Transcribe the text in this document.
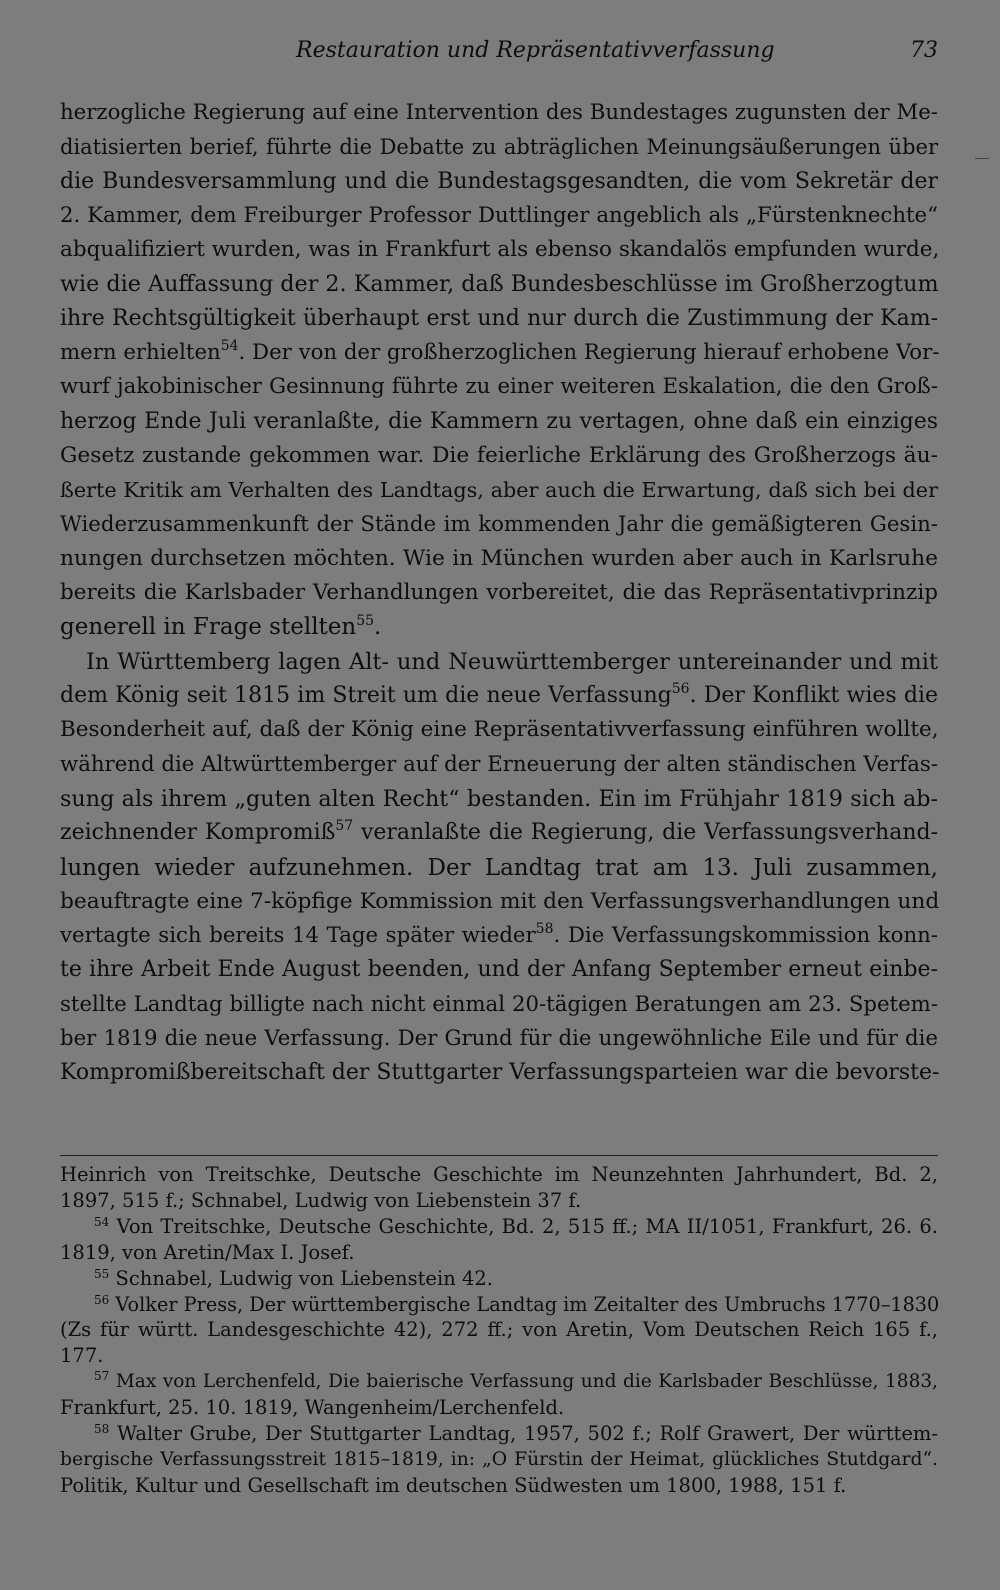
Restauration und Repräsentativverfassung	73
herzogliche Regierung auf eine Intervention des Bundestages zugunsten der Me-
diatisierten berief, führte die Debatte zu abträglichen Meinungsäußerungen über
die Bundesversammlung und die Bundestagsgesandten, die vom Sekretär der
2. Kammer, dem Freiburger Professor Duttlinger angeblich als „Fürstenknechte“
abqualifiziert wurden, was in Frankfurt als ebenso skandalös empfunden wurde,
wie die Auffassung der 2. Kammer, daß Bundesbeschlüsse im Großherzogtum
ihre Rechtsgültigkeit überhaupt erst und nur durch die Zustimmung der Kam-
mern erhielten$^{54}$. Der von der großherzoglichen Regierung hierauf erhobene Vor-
wurf jakobinischer Gesinnung führte zu einer weiteren Eskalation, die den Groß-
herzog Ende Juli veranlaßte, die Kammern zu vertagen, ohne daß ein einziges
Gesetz zustande gekommen war. Die feierliche Erklärung des Großherzogs äu-
ßerte Kritik am Verhalten des Landtags, aber auch die Erwartung, daß sich bei der
Wiederzusammenkunft der Stände im kommenden Jahr die gemäßigteren Gesin-
nungen durchsetzen möchten. Wie in München wurden aber auch in Karlsruhe
bereits die Karlsbader Verhandlungen vorbereitet, die das Repräsentativprinzip
generell in Frage stellten$^{55}$.
In Württemberg lagen Alt- und Neuwürttemberger untereinander und mit
dem König seit 1815 im Streit um die neue Verfassung$^{56}$. Der Konflikt wies die
Besonderheit auf, daß der König eine Repräsentativverfassung einführen wollte,
während die Altwürttemberger auf der Erneuerung der alten ständischen Verfas-
sung als ihrem „guten alten Recht“ bestanden. Ein im Frühjahr 1819 sich ab-
zeichnender Kompromiß$^{57}$ veranlaßte die Regierung, die Verfassungsverhand-
lungen wieder aufzunehmen. Der Landtag trat am 13. Juli zusammen,
beauftragte eine 7-köpfige Kommission mit den Verfassungsverhandlungen und
vertagte sich bereits 14 Tage später wieder$^{58}$. Die Verfassungskommission konn-
te ihre Arbeit Ende August beenden, und der Anfang September erneut einbe-
stellte Landtag billigte nach nicht einmal 20-tägigen Beratungen am 23. Spetem-
ber 1819 die neue Verfassung. Der Grund für die ungewöhnliche Eile und für die
Kompromißbereitschaft der Stuttgarter Verfassungsparteien war die bevorste-
Heinrich von Treitschke, Deutsche Geschichte im Neunzehnten Jahrhundert, Bd. 2,
1897, 515 f.; Schnabel, Ludwig von Liebenstein 37 f.
$^{54}$ Von Treitschke, Deutsche Geschichte, Bd. 2, 515 ff.; MA II/1051, Frankfurt, 26. 6.
1819, von Aretin/Max I. Josef.
$^{55}$ Schnabel, Ludwig von Liebenstein 42.
$^{56}$ Volker Press, Der württembergische Landtag im Zeitalter des Umbruchs 1770–1830
(Zs für württ. Landesgeschichte 42), 272 ff.; von Aretin, Vom Deutschen Reich 165 f.,
177.
$^{57}$ Max von Lerchenfeld, Die baierische Verfassung und die Karlsbader Beschlüsse, 1883,
Frankfurt, 25. 10. 1819, Wangenheim/Lerchenfeld.
$^{58}$ Walter Grube, Der Stuttgarter Landtag, 1957, 502 f.; Rolf Grawert, Der württem-
bergische Verfassungsstreit 1815–1819, in: „O Fürstin der Heimat, glückliches Stutdgard“.
Politik, Kultur und Gesellschaft im deutschen Südwesten um 1800, 1988, 151 f.
